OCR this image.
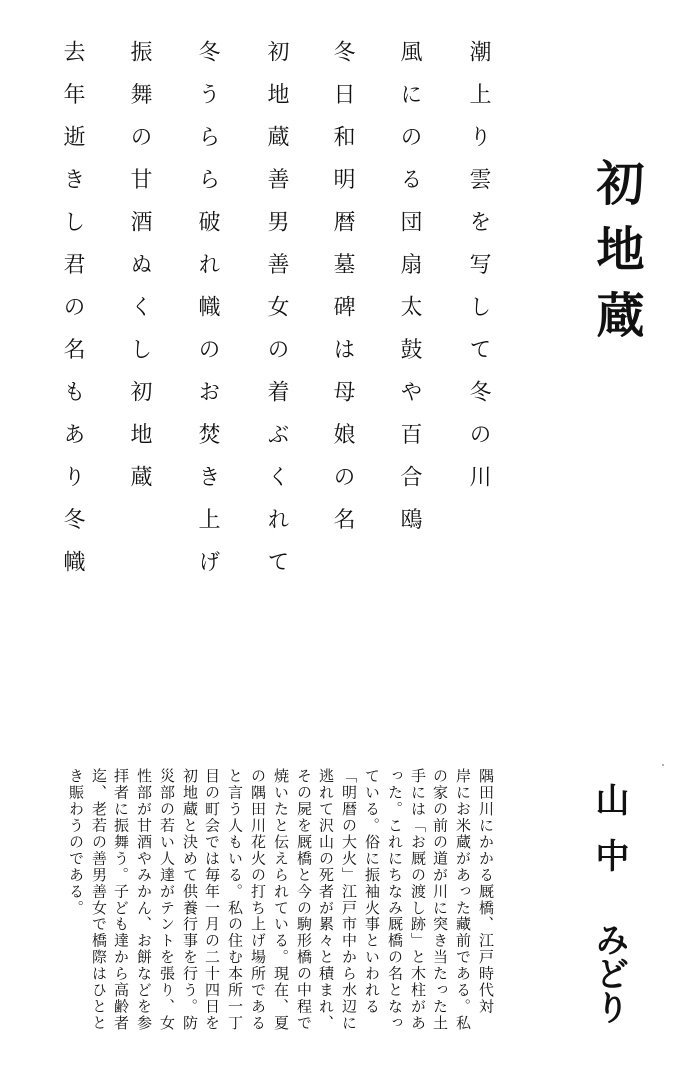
初地蔵
潮上り雲を写して冬の川
風にのる団扇太鼓や百合鴎
冬日和明暦墓碑は母娘の名
初地蔵善男善女の着ぶくれて
冬うらら破れ幟のお焚き上げ
振舞の甘酒ぬくし初地蔵
去年逝きし君の名もあり冬幟
山中みどり
隅田川にかかる厩橋、江戸時代対
岸にお米蔵があった藏前である。私
の家の前の道が川に突き当たった土
手には「お厩の渡し跡」と木柱があ
った。これにちなみ厩橋の名となっ
ている。俗に振袖火事といわれる
「明暦の大火」江戸市中から水辺に
逃れて沢山の死者が累々と積まれ、
その屍を厩橋と今の駒形橋の中程で
焼いたと伝えられている。現在、夏
の隅田川花火の打ち上げ場所である
と言う人もいる。私の住む本所一丁
目の町会では毎年一月の二十四日を
初地蔵と決めて供養行事を行う。防
災部の若い人達がテントを張り、女
性部が甘酒やみかん、お餅などを参
拝者に振舞う。子ども達から高齢者
迄、老若の善男善女で橋際はひとと
き賑わうのである。
